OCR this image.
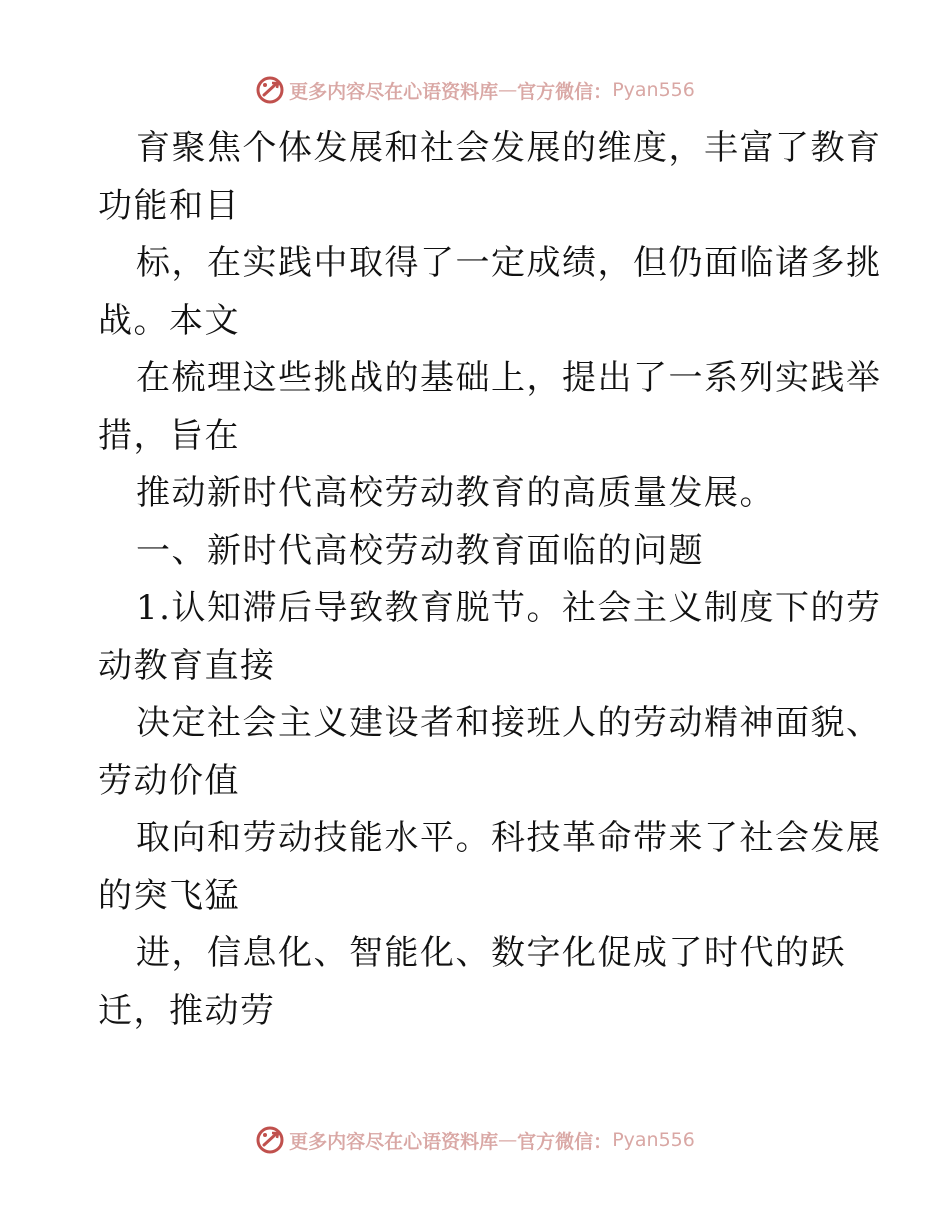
更多内容尽在心语资料库 — 官方微信： Pyan556
育聚焦个体发展和社会发展的维度，丰富了教育
功能和目
标，在实践中取得了一定成绩，但仍面临诸多挑
战。本文
在梳理这些挑战的基础上，提出了一系列实践举
措，旨在
推动新时代高校劳动教育的高质量发展。
一、新时代高校劳动教育面临的问题
1.认知滞后导致教育脱节。社会主义制度下的劳
动教育直接
决定社会主义建设者和接班人的劳动精神面貌、
劳动价值
取向和劳动技能水平。科技革命带来了社会发展
的突飞猛
进，信息化、智能化、数字化促成了时代的跃
迁，推动劳
更多内容尽在心语资料库 — 官方微信： Pyan556
